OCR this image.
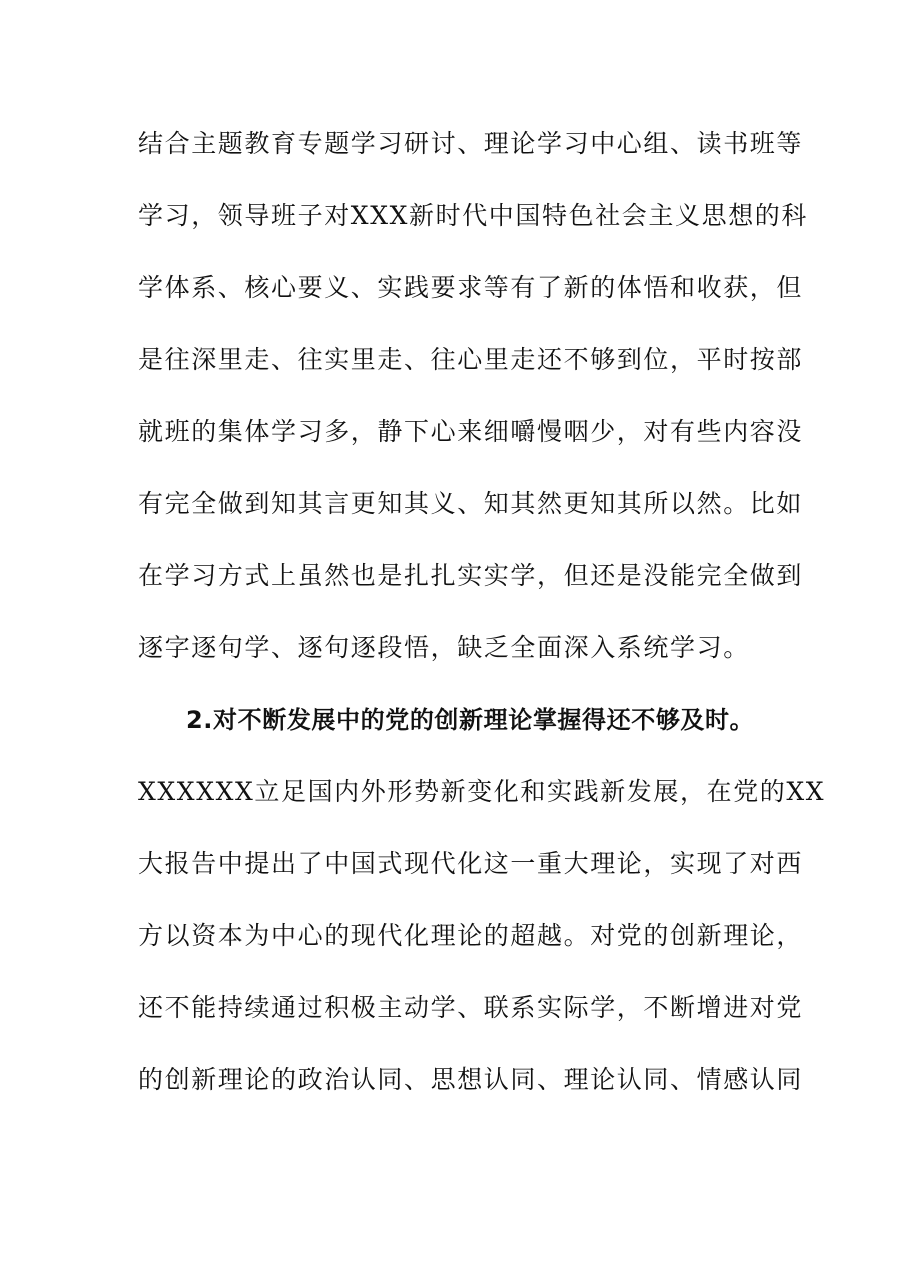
结合主题教育专题学习研讨、理论学习中心组、读书班等
学习，领导班子对XXX新时代中国特色社会主义思想的科
学体系、核心要义、实践要求等有了新的体悟和收获，但
是往深里走、往实里走、往心里走还不够到位，平时按部
就班的集体学习多，静下心来细嚼慢咽少，对有些内容没
有完全做到知其言更知其义、知其然更知其所以然。比如
在学习方式上虽然也是扎扎实实学，但还是没能完全做到
逐字逐句学、逐句逐段悟，缺乏全面深入系统学习。
2.对不断发展中的党的创新理论掌握得还不够及时。
XXXXXX立足国内外形势新变化和实践新发展，在党的XX
大报告中提出了中国式现代化这一重大理论，实现了对西
方以资本为中心的现代化理论的超越。对党的创新理论，
还不能持续通过积极主动学、联系实际学，不断增进对党
的创新理论的政治认同、思想认同、理论认同、情感认同
